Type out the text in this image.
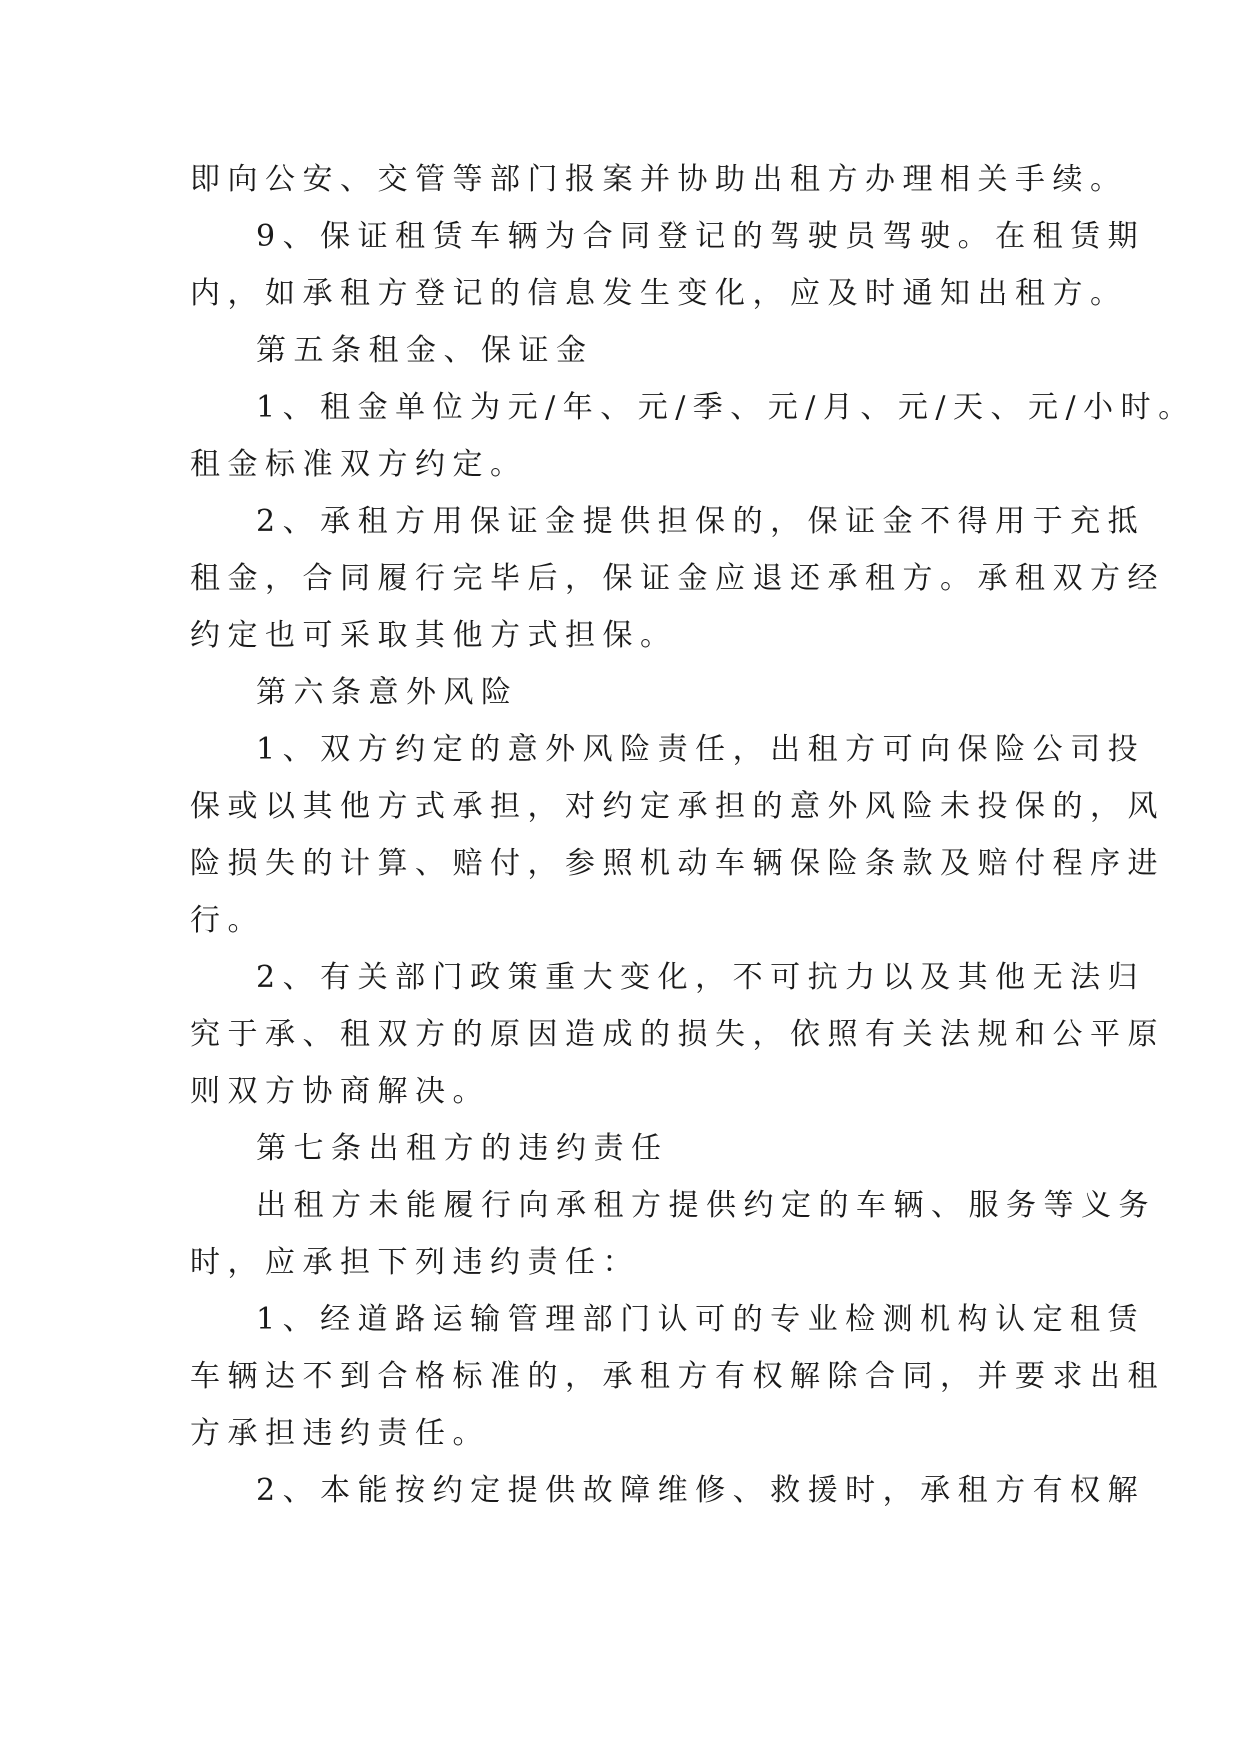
即向公安、交管等部门报案并协助出租方办理相关手续。
9、保证租赁车辆为合同登记的驾驶员驾驶。在租赁期
内，如承租方登记的信息发生变化，应及时通知出租方。
第五条租金、保证金
1、租金单位为元/年、元/季、元/月、元/天、元/小时。
租金标准双方约定。
2、承租方用保证金提供担保的，保证金不得用于充抵
租金，合同履行完毕后，保证金应退还承租方。承租双方经
约定也可采取其他方式担保。
第六条意外风险
1、双方约定的意外风险责任，出租方可向保险公司投
保或以其他方式承担，对约定承担的意外风险未投保的，风
险损失的计算、赔付，参照机动车辆保险条款及赔付程序进
行。
2、有关部门政策重大变化，不可抗力以及其他无法归
究于承、租双方的原因造成的损失，依照有关法规和公平原
则双方协商解决。
第七条出租方的违约责任
出租方未能履行向承租方提供约定的车辆、服务等义务
时，应承担下列违约责任：
1、经道路运输管理部门认可的专业检测机构认定租赁
车辆达不到合格标准的，承租方有权解除合同，并要求出租
方承担违约责任。
2、本能按约定提供故障维修、救援时，承租方有权解
